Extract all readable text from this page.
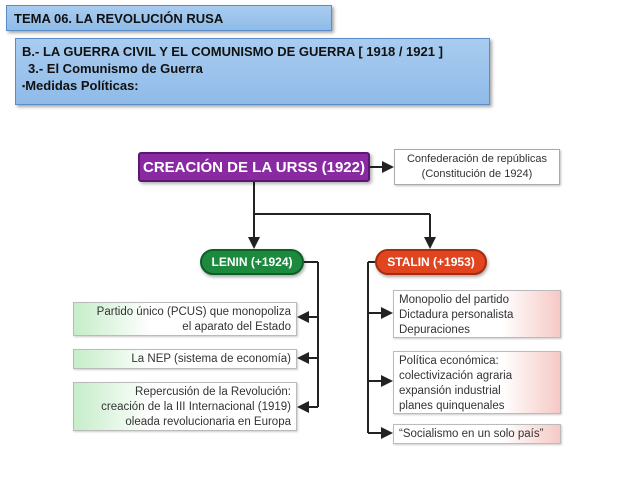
TEMA 06. LA REVOLUCIÓN RUSA
B.- LA GUERRA CIVIL Y EL COMUNISMO DE GUERRA [ 1918 / 1921 ]
3.- El Comunismo de Guerra
▪Medidas Políticas:
CREACIÓN DE LA URSS (1922)	Confederación de repúblicas
(Constitución de 1924)
LENIN (+1924)	STALIN (+1953)
Partido único (PCUS) que monopoliza
el aparato del Estado
La NEP (sistema de economía)
Repercusión de la Revolución:
creación de la III Internacional (1919)
oleada revolucionaria en Europa
Monopolio del partido
Dictadura personalista
Depuraciones
Política económica:
colectivización agraria
expansión industrial
planes quinquenales
“Socialismo en un solo país”
